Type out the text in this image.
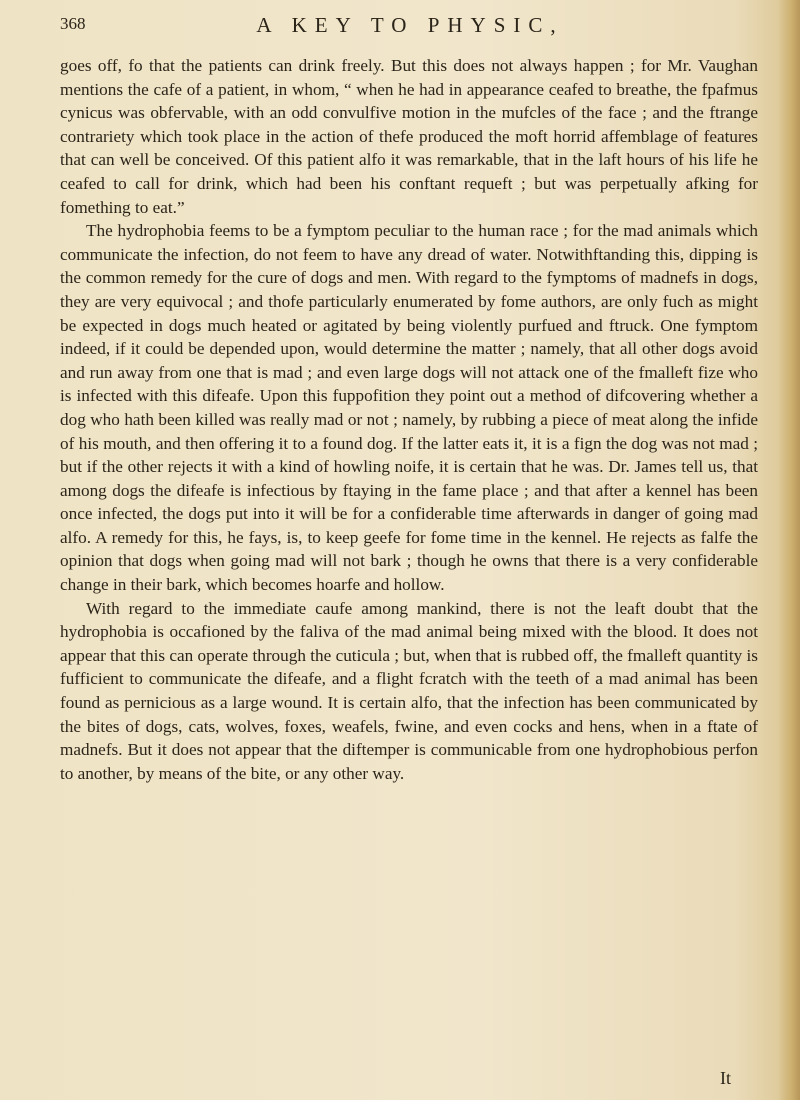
368	A KEY TO PHYSIC,

goes off, fo that the patients can drink freely. But this does not always happen ; for Mr. Vaughan mentions the cafe of a patient, in whom, “ when he had in appearance ceafed to breathe, the fpafmus cynicus was obfervable, with an odd convulfive motion in the mufcles of the face ; and the ftrange contrariety which took place in the action of thefe produced the moft horrid affemblage of features that can well be conceived. Of this patient alfo it was remarkable, that in the laft hours of his life he ceafed to call for drink, which had been his conftant requeft ; but was perpetually afking for fomething to eat.”

The hydrophobia feems to be a fymptom peculiar to the human race ; for the mad animals which communicate the infection, do not feem to have any dread of water. Notwithftanding this, dipping is the common remedy for the cure of dogs and men. With regard to the fymptoms of madnefs in dogs, they are very equivocal ; and thofe particularly enumerated by fome authors, are only fuch as might be expected in dogs much heated or agitated by being violently purfued and ftruck. One fymptom indeed, if it could be depended upon, would determine the matter ; namely, that all other dogs avoid and run away from one that is mad ; and even large dogs will not attack one of the fmalleft fize who is infected with this difeafe. Upon this fuppofition they point out a method of difcovering whether a dog who hath been killed was really mad or not ; namely, by rubbing a piece of meat along the infide of his mouth, and then offering it to a found dog. If the latter eats it, it is a fign the dog was not mad ; but if the other rejects it with a kind of howling noife, it is certain that he was. Dr. James tell us, that among dogs the difeafe is infectious by ftaying in the fame place ; and that after a kennel has been once infected, the dogs put into it will be for a confiderable time afterwards in danger of going mad alfo. A remedy for this, he fays, is, to keep geefe for fome time in the kennel. He rejects as falfe the opinion that dogs when going mad will not bark ; though he owns that there is a very confiderable change in their bark, which becomes hoarfe and hollow.

With regard to the immediate caufe among mankind, there is not the leaft doubt that the hydrophobia is occafioned by the faliva of the mad animal being mixed with the blood. It does not appear that this can operate through the cuticula ; but, when that is rubbed off, the fmalleft quantity is fufficient to communicate the difeafe, and a flight fcratch with the teeth of a mad animal has been found as pernicious as a large wound. It is certain alfo, that the infection has been communicated by the bites of dogs, cats, wolves, foxes, weafels, fwine, and even cocks and hens, when in a ftate of madnefs. But it does not appear that the diftemper is communicable from one hydrophobious perfon to another, by means of the bite, or any other way.

It
